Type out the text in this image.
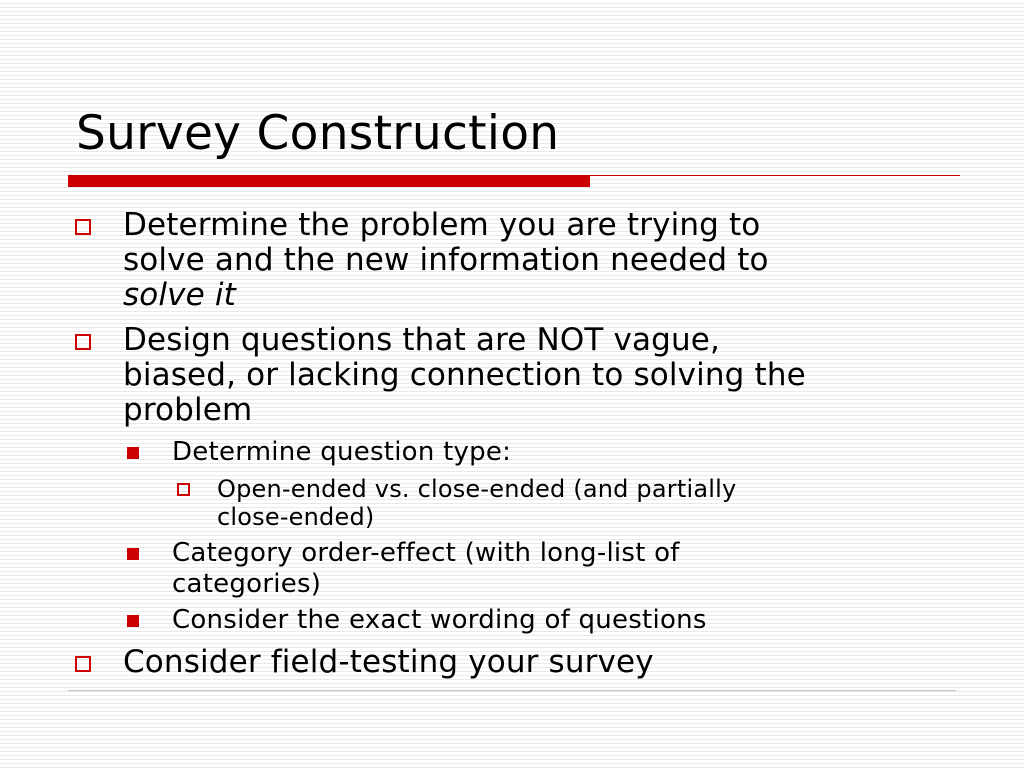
Survey Construction
Determine the problem you are trying to
solve and the new information needed to
solve it
Design questions that are NOT vague,
biased, or lacking connection to solving the
problem
Determine question type:
Open-ended vs. close-ended (and partially
close-ended)
Category order-effect (with long-list of
categories)
Consider the exact wording of questions
Consider field-testing your survey
